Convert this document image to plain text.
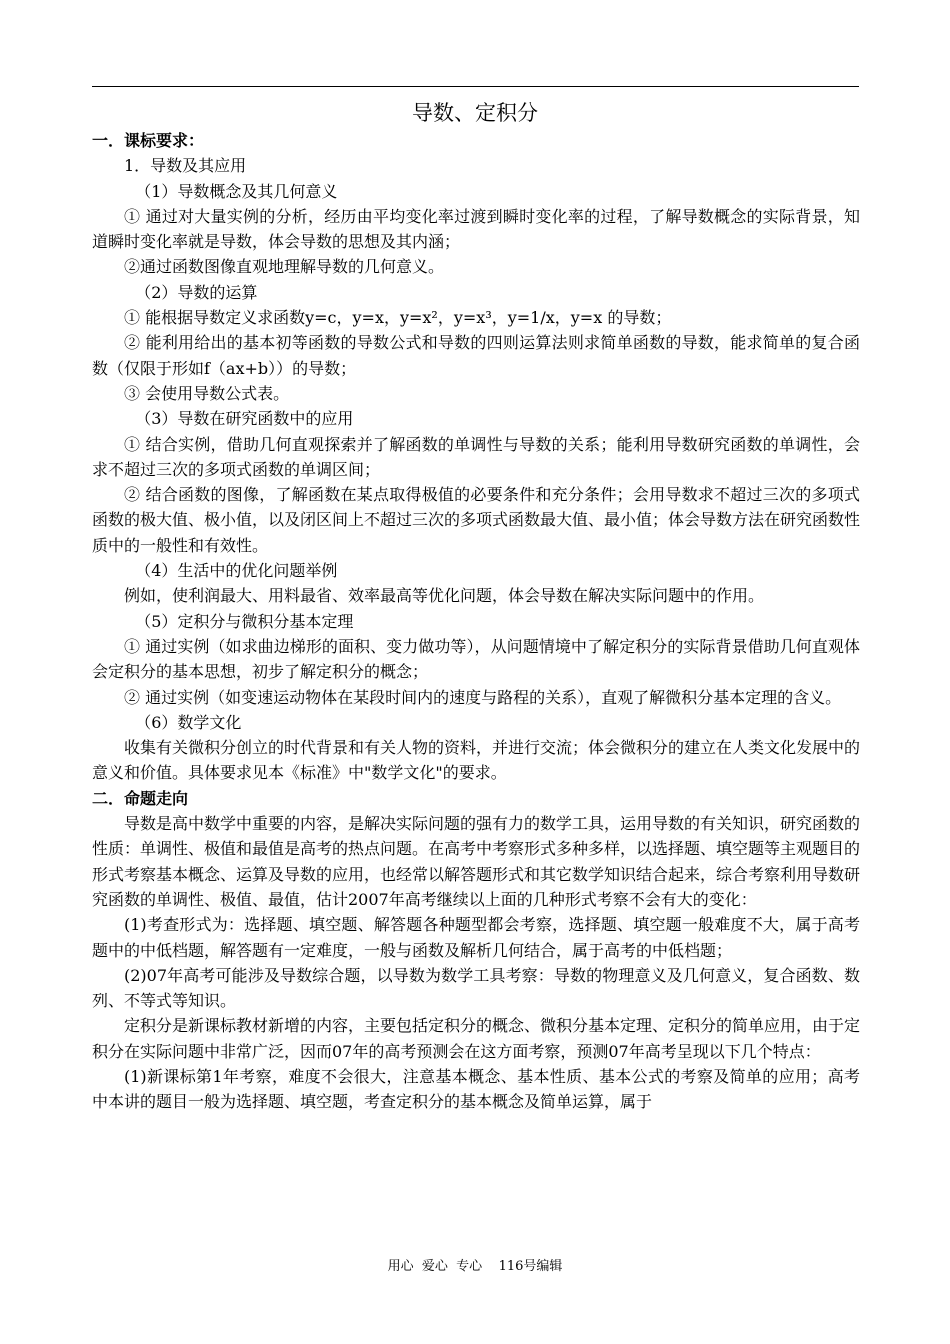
导数、定积分
一．课标要求：
1．导数及其应用
（1）导数概念及其几何意义
① 通过对大量实例的分析，经历由平均变化率过渡到瞬时变化率的过程，了解导数概念的实际背景，知道瞬时变化率就是导数，体会导数的思想及其内涵；
②通过函数图像直观地理解导数的几何意义。
（2）导数的运算
① 能根据导数定义求函数y=c，y=x，y=x²，y=x³，y=1/x，y=x 的导数；
② 能利用给出的基本初等函数的导数公式和导数的四则运算法则求简单函数的导数，能求简单的复合函数（仅限于形如f（ax+b））的导数；
③ 会使用导数公式表。
（3）导数在研究函数中的应用
① 结合实例，借助几何直观探索并了解函数的单调性与导数的关系；能利用导数研究函数的单调性，会求不超过三次的多项式函数的单调区间；
② 结合函数的图像，了解函数在某点取得极值的必要条件和充分条件；会用导数求不超过三次的多项式函数的极大值、极小值，以及闭区间上不超过三次的多项式函数最大值、最小值；体会导数方法在研究函数性质中的一般性和有效性。
（4）生活中的优化问题举例
例如，使利润最大、用料最省、效率最高等优化问题，体会导数在解决实际问题中的作用。
（5）定积分与微积分基本定理
① 通过实例（如求曲边梯形的面积、变力做功等），从问题情境中了解定积分的实际背景借助几何直观体会定积分的基本思想，初步了解定积分的概念；
② 通过实例（如变速运动物体在某段时间内的速度与路程的关系），直观了解微积分基本定理的含义。
（6）数学文化
收集有关微积分创立的时代背景和有关人物的资料，并进行交流；体会微积分的建立在人类文化发展中的意义和价值。具体要求见本《标准》中"数学文化"的要求。
二．命题走向
导数是高中数学中重要的内容，是解决实际问题的强有力的数学工具，运用导数的有关知识，研究函数的性质：单调性、极值和最值是高考的热点问题。在高考中考察形式多种多样，以选择题、填空题等主观题目的形式考察基本概念、运算及导数的应用，也经常以解答题形式和其它数学知识结合起来，综合考察利用导数研究函数的单调性、极值、最值，估计2007年高考继续以上面的几种形式考察不会有大的变化：
(1)考查形式为：选择题、填空题、解答题各种题型都会考察，选择题、填空题一般难度不大，属于高考题中的中低档题，解答题有一定难度，一般与函数及解析几何结合，属于高考的中低档题；
(2)07年高考可能涉及导数综合题，以导数为数学工具考察：导数的物理意义及几何意义，复合函数、数列、不等式等知识。
定积分是新课标教材新增的内容，主要包括定积分的概念、微积分基本定理、定积分的简单应用，由于定积分在实际问题中非常广泛，因而07年的高考预测会在这方面考察，预测07年高考呈现以下几个特点：
(1)新课标第1年考察，难度不会很大，注意基本概念、基本性质、基本公式的考察及简单的应用；高考中本讲的题目一般为选择题、填空题，考查定积分的基本概念及简单运算，属于
用心  爱心  专心    116号编辑
